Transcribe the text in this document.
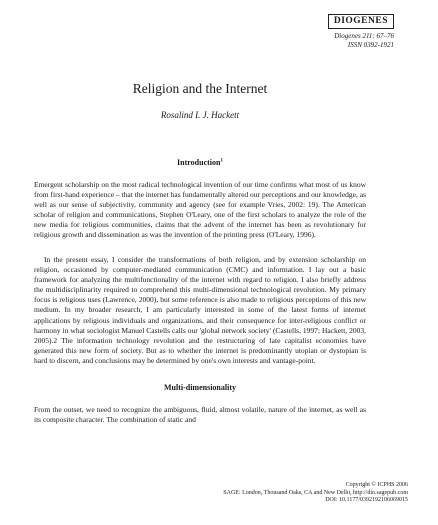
DIOGENES
Diogenes 211: 67–76
ISSN 0392-1921
Religion and the Internet
Rosalind I. J. Hackett
Introduction$^1$

Emergent scholarship on the most radical technological invention of our time confirms what most of us know from first-hand experience – that the internet has fundamentally altered our perceptions and our knowledge, as well as our sense of subjectivity, community and agency (see for example Vries, 2002: 19). The American scholar of religion and communications, Stephen O'Leary, one of the first scholars to analyze the role of the new media for religious communities, claims that the advent of the internet has been as revolutionary for religious growth and dissemination as was the invention of the printing press (O'Leary, 1996).

In the present essay, I consider the transformations of both religion, and by extension scholarship on religion, occasioned by computer-mediated communication (CMC) and information. I lay out a basic framework for analyzing the multifunctionality of the internet with regard to religion. I also briefly address the multidisciplinarity required to comprehend this multi-dimensional technological revolution. My primary focus is religious uses (Lawrence, 2000), but some reference is also made to religious perceptions of this new medium. In my broader research, I am particularly interested in some of the latest forms of internet applications by religious individuals and organizations, and their consequence for inter-religious conflict or harmony in what sociologist Manuel Castells calls our 'global network society' (Castells, 1997; Hackett, 2003, 2005).2 The information technology revolution and the restructuring of late capitalist economies have generated this new form of society. But as to whether the internet is predominantly utopian or dystopian is hard to discern, and conclusions may be determined by one's own interests and vantage-point.

Multi-dimensionality

From the outset, we need to recognize the ambiguous, fluid, almost volatile, nature of the internet, as well as its composite character. The combination of static and

Copyright © ICPHS 2006
SAGE: London, Thousand Oaks, CA and New Delhi, http://dio.sagepub.com
DOI: 10.1177/0392192106069015
